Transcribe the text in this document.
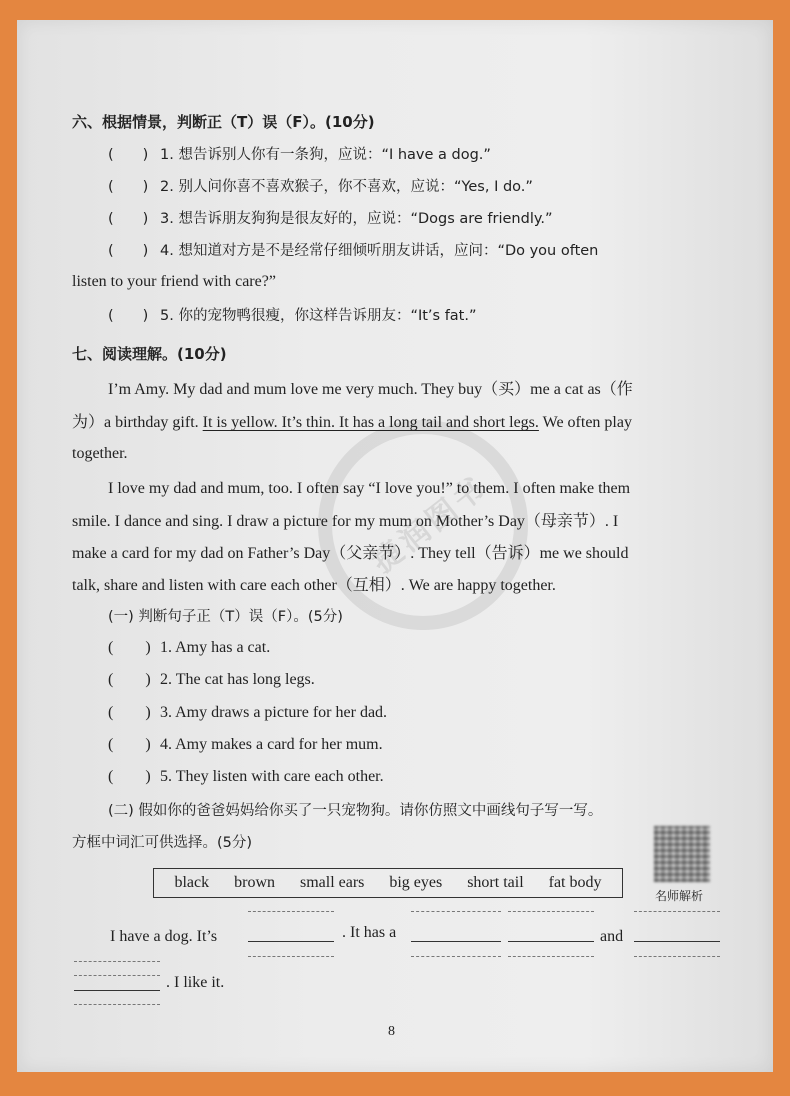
捷润图书
六、根据情景，判断正（T）误（F）。(10分)
(　　) 1. 想告诉别人你有一条狗，应说：“I have a dog.”
(　　) 2. 别人问你喜不喜欢猴子，你不喜欢，应说：“Yes, I do.”
(　　) 3. 想告诉朋友狗狗是很友好的，应说：“Dogs are friendly.”
(　　) 4. 想知道对方是不是经常仔细倾听朋友讲话，应问：“Do you often
listen to your friend with care?”
(　　) 5. 你的宠物鸭很瘦，你这样告诉朋友：“It’s fat.”
七、阅读理解。(10分)
I’m Amy. My dad and mum love me very much. They buy（买）me a cat as（作
为）a birthday gift. It is yellow. It’s thin. It has a long tail and short legs. We often play
together.
I love my dad and mum, too. I often say “I love you!” to them. I often make them
smile. I dance and sing. I draw a picture for my mum on Mother’s Day（母亲节）. I
make a card for my dad on Father’s Day（父亲节）. They tell（告诉）me we should
talk, share and listen with care each other（互相）. We are happy together.
(一) 判断句子正（T）误（F）。(5分)
(　　) 1. Amy has a cat.
(　　) 2. The cat has long legs.
(　　) 3. Amy draws a picture for her dad.
(　　) 4. Amy makes a card for her mum.
(　　) 5. They listen with care each other.
(二) 假如你的爸爸妈妈给你买了一只宠物狗。请你仿照文中画线句子写一写。
方框中词汇可供选择。(5分)
名师解析
black brown small ears big eyes short tail fat body
I have a dog. It’s	. It has a	and
. I like it.
8
